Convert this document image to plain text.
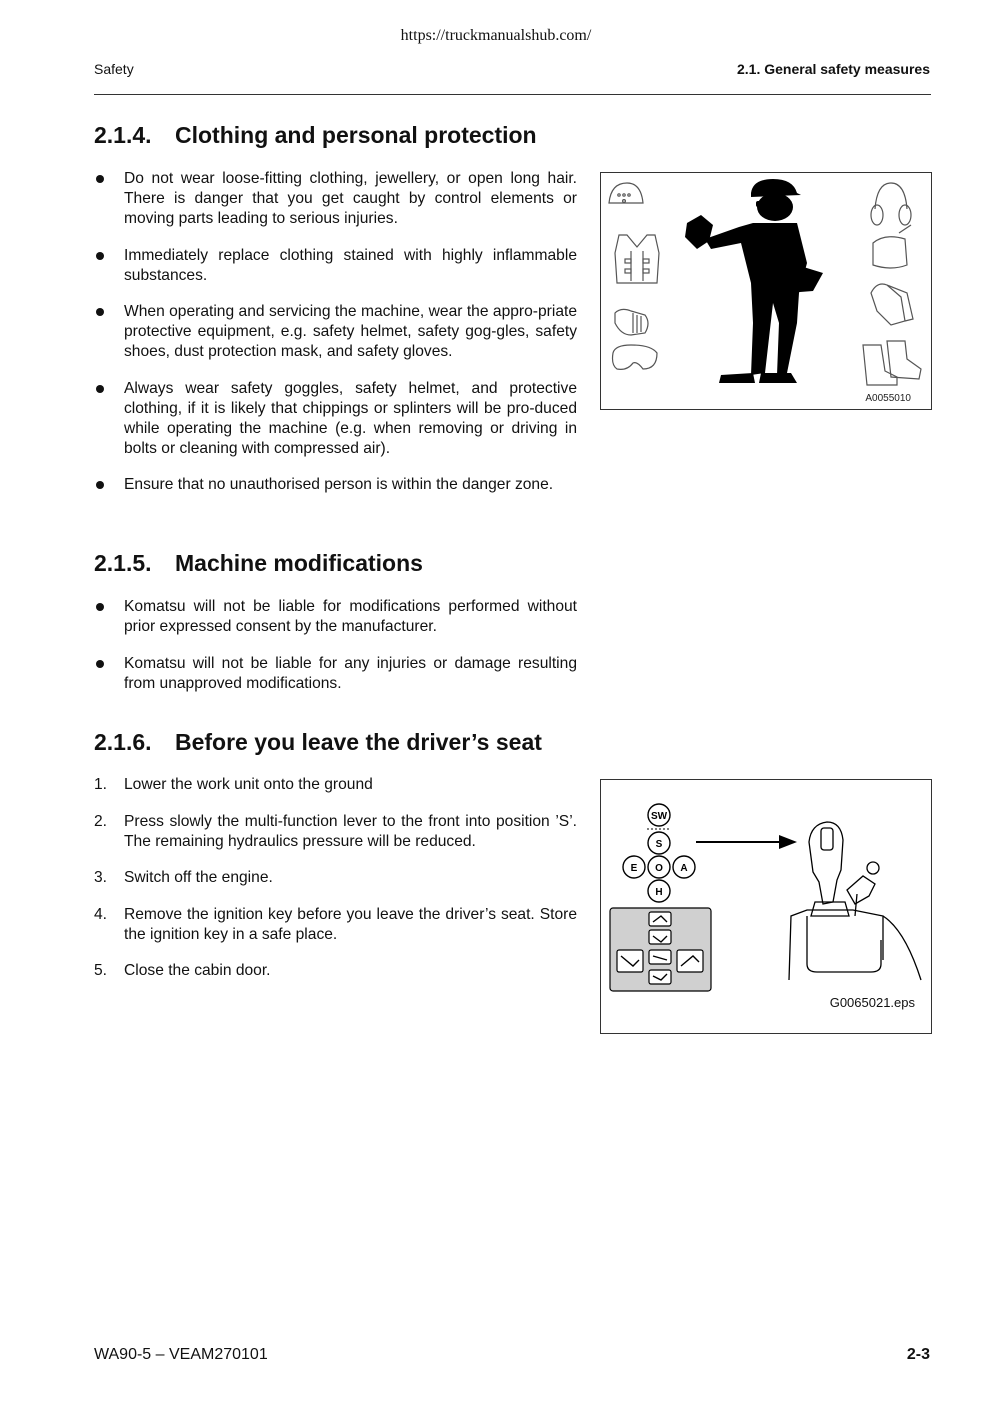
https://truckmanualshub.com/
Safety	2.1. General safety measures
2.1.4.	Clothing and personal protection
Do not wear loose-fitting clothing, jewellery, or open long hair. There is danger that you get caught by control elements or moving parts leading to serious injuries.
Immediately replace clothing stained with highly inflammable substances.
When operating and servicing the machine, wear the appro-priate protective equipment, e.g. safety helmet, safety gog-gles, safety shoes, dust protection mask, and safety gloves.
Always wear safety goggles, safety helmet, and protective clothing, if it is likely that chippings or splinters will be pro-duced while operating the machine (e.g. when removing or driving in bolts or cleaning with compressed air).
Ensure that no unauthorised person is within the danger zone.
A0055010
2.1.5.	Machine modifications
Komatsu will not be liable for modifications performed without prior expressed consent by the manufacturer.
Komatsu will not be liable for any injuries or damage resulting from unapproved modifications.
2.1.6.	Before you leave the driver’s seat
1. Lower the work unit onto the ground
2. Press slowly the multi-function lever to the front into position ’S’. The remaining hydraulics pressure will be reduced.
3. Switch off the engine.
4. Remove the ignition key before you leave the driver’s seat. Store the ignition key in a safe place.
5. Close the cabin door.
SW
S
E O A
H
G0065021.eps
WA90-5 – VEAM270101	2-3
